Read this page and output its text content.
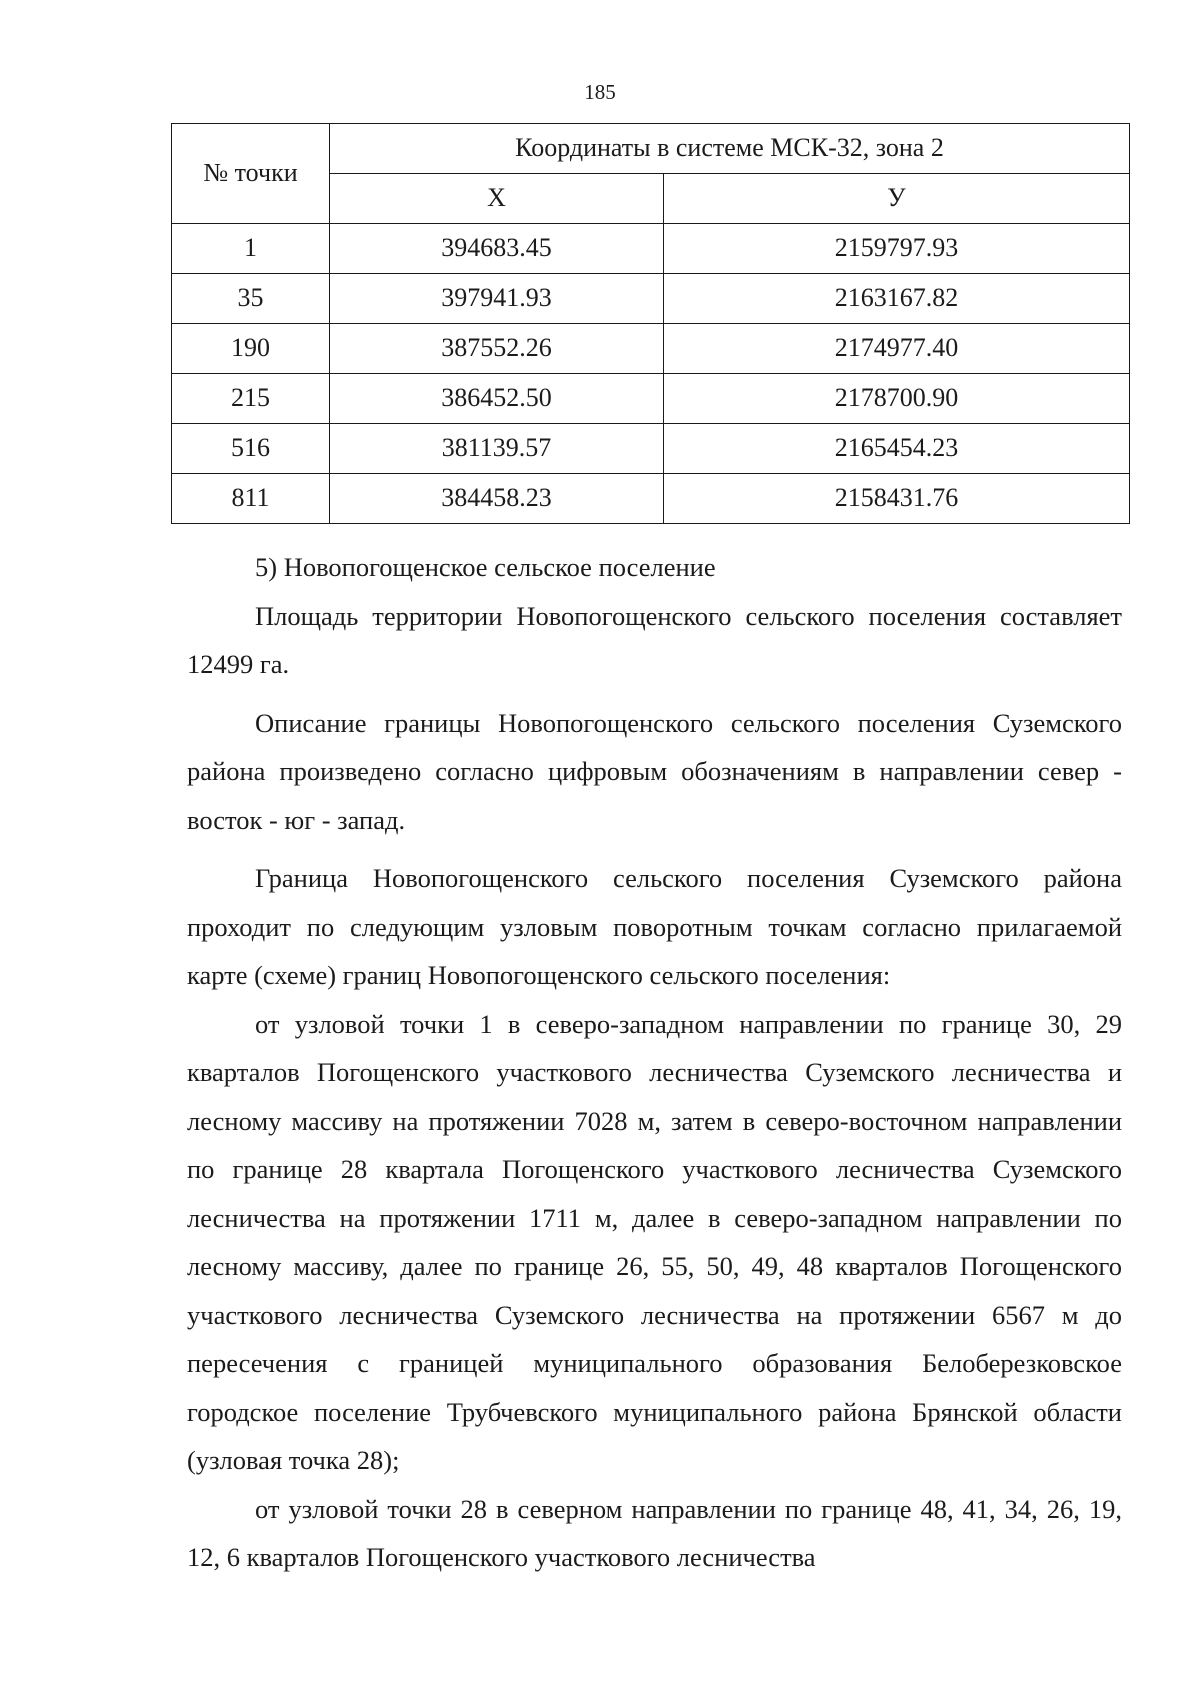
185
№ точки	Координаты в системе МСК-32, зона 2	
	Х	У
1	394683.45	2159797.93
35	397941.93	2163167.82
190	387552.26	2174977.40
215	386452.50	2178700.90
516	381139.57	2165454.23
811	384458.23	2158431.76

5) Новопогощенское сельское поселение

Площадь территории Новопогощенского сельского поселения составляет 12499 га.

Описание границы Новопогощенского сельского поселения Суземского района произведено согласно цифровым обозначениям в направлении север - восток - юг - запад.

Граница Новопогощенского сельского поселения Суземского района проходит по следующим узловым поворотным точкам согласно прилагаемой карте (схеме) границ Новопогощенского сельского поселения:

от узловой точки 1 в северо-западном направлении по границе 30, 29 кварталов Погощенского участкового лесничества Суземского лесничества и лесному массиву на протяжении 7028 м, затем в северо-восточном направлении по границе 28 квартала Погощенского участкового лесничества Суземского лесничества на протяжении 1711 м, далее в северо-западном направлении по лесному массиву, далее по границе 26, 55, 50, 49, 48 кварталов Погощенского участкового лесничества Суземского лесничества на протяжении 6567 м до пересечения с границей муниципального образования Белоберезковское городское поселение Трубчевского муниципального района Брянской области (узловая точка 28);

от узловой точки 28 в северном направлении по границе 48, 41, 34, 26, 19, 12, 6 кварталов Погощенского участкового лесничества
